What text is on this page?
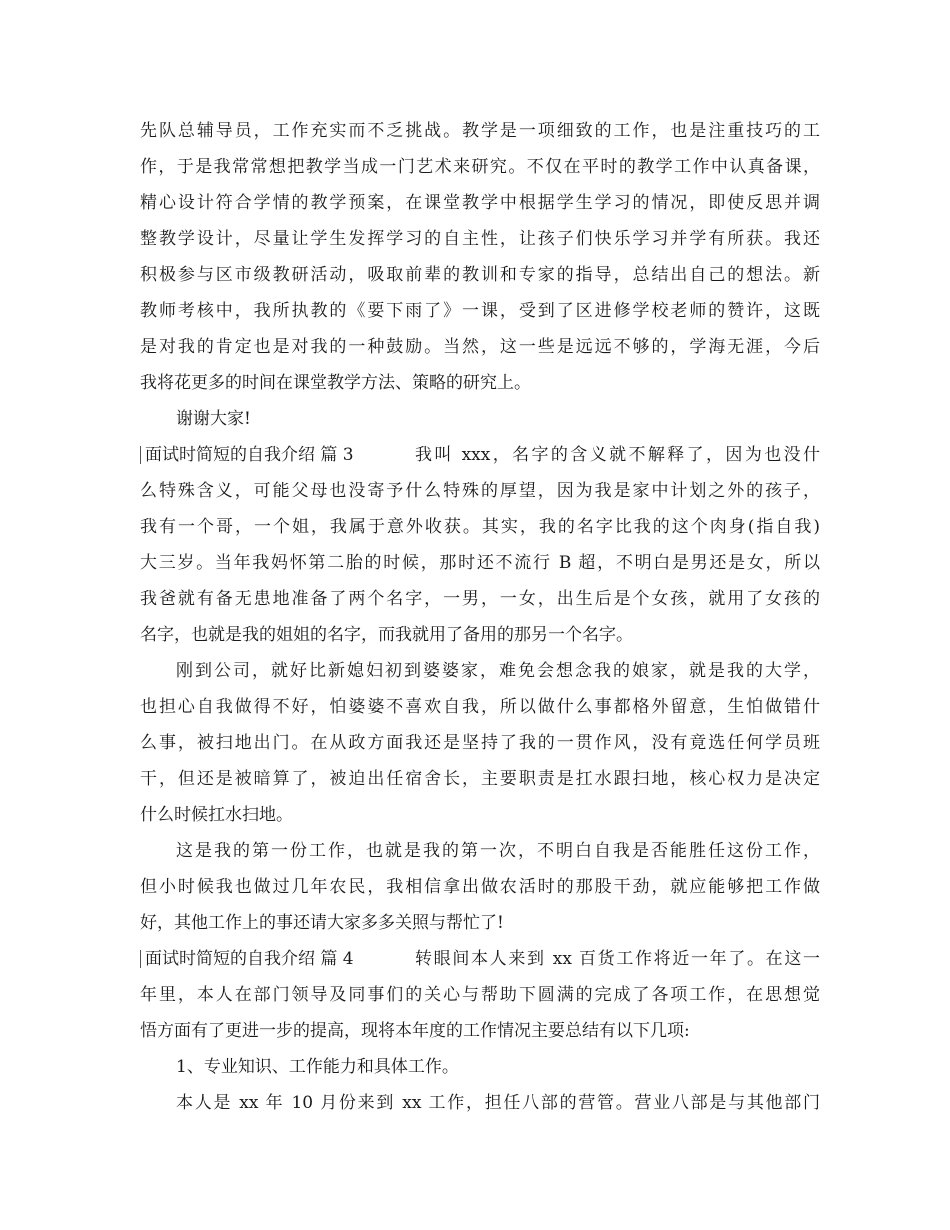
先队总辅导员，工作充实而不乏挑战。教学是一项细致的工作，也是注重技巧的工
作，于是我常常想把教学当成一门艺术来研究。不仅在平时的教学工作中认真备课，
精心设计符合学情的教学预案，在课堂教学中根据学生学习的情况，即使反思并调
整教学设计，尽量让学生发挥学习的自主性，让孩子们快乐学习并学有所获。我还
积极参与区市级教研活动，吸取前辈的教训和专家的指导，总结出自己的想法。新
教师考核中，我所执教的《要下雨了》一课，受到了区进修学校老师的赞许，这既
是对我的肯定也是对我的一种鼓励。当然，这一些是远远不够的，学海无涯，今后
我将花更多的时间在课堂教学方法、策略的研究上。
谢谢大家!
面试时简短的自我介绍 篇 3	我叫 xxx，名字的含义就不解释了，因为也没什
么特殊含义，可能父母也没寄予什么特殊的厚望，因为我是家中计划之外的孩子，
我有一个哥，一个姐，我属于意外收获。其实，我的名字比我的这个肉身(指自我)
大三岁。当年我妈怀第二胎的时候，那时还不流行 B 超，不明白是男还是女，所以
我爸就有备无患地准备了两个名字，一男，一女，出生后是个女孩，就用了女孩的
名字，也就是我的姐姐的名字，而我就用了备用的那另一个名字。
刚到公司，就好比新媳妇初到婆婆家，难免会想念我的娘家，就是我的大学，
也担心自我做得不好，怕婆婆不喜欢自我，所以做什么事都格外留意，生怕做错什
么事，被扫地出门。在从政方面我还是坚持了我的一贯作风，没有竟选任何学员班
干，但还是被暗算了，被迫出任宿舍长，主要职责是扛水跟扫地，核心权力是决定
什么时候扛水扫地。
这是我的第一份工作，也就是我的第一次，不明白自我是否能胜任这份工作，
但小时候我也做过几年农民，我相信拿出做农活时的那股干劲，就应能够把工作做
好，其他工作上的事还请大家多多关照与帮忙了!
面试时简短的自我介绍 篇 4	转眼间本人来到 xx 百货工作将近一年了。在这一
年里，本人在部门领导及同事们的关心与帮助下圆满的完成了各项工作，在思想觉
悟方面有了更进一步的提高，现将本年度的工作情况主要总结有以下几项:
1、专业知识、工作能力和具体工作。
本人是 xx 年 10 月份来到 xx 工作，担任八部的营管。营业八部是与其他部门
